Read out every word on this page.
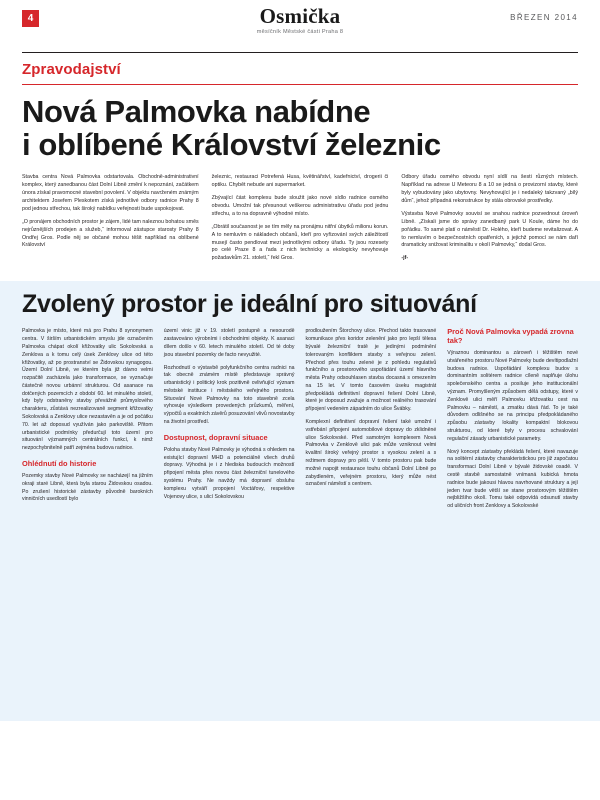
4	Osmička
měsíčník Městské části Praha 8
BŘEZEN 2014
Zpravodajství
Nová Palmovka nabídne
i oblíbené Království železnic

Stavba centra Nová Palmovka odstartovala. Obchodně-administrativní komplex, který zanedbanou část Dolní Libně změní k nepoznání, začátkem února získal pravomocné stavební povolení. V objektu navrženém známým architektem Josefem Pleskotem získá jednotlivé odbory radnice Prahy 8 pod jednou střechou, tak široký nabídku veřejnosti bude uspokojovat.

„O pronájem obchodních prostor je zájem, lidé tam naleznou bohatou směs nejrůznějších prodejen a služeb,“ informoval zástupce starosty Prahy 8 Ondřej Gros. Podle něj se občané mohou těšit například na oblíbené Království

železnic, restauraci Potrefená Husa, květinářství, kadeřnictví, drogerii či optiku. Chybět nebude ani supermarket.

Zbývající část komplexu bude sloužit jako nové sídlo radnice osmého obvodu. Umožní tak přesunout veškerou administrativu úřadu pod jednu střechu, a to na dopravně výhodné místo.

„Obrátil současnost je se tím měly na pronájmu nitřní úbytků milionu korun. A to nemluvím o nákladech občanů, kteří pro vyřizování svých záležitostí musejí často pendlovat mezi jednotlivými odbory úřadu. Ty jsou rozesety po celé Praze 8 a řada z nich technicky a ekologicky nevyhovuje požadavkům 21. století,“ řekl Gros.

Odbory úřadu osmého obvodu nyní sídlí na šesti různých místech. Například na adrese U Meteoru 8 a 10 se jedná o provizorní stavby, které byly vybudovány jako ubytovny. Nevyhovující je i nedaleký takzvaný „bílý dům“, jehož případná rekonstrukce by stála obrovské prostředky.

Výstavba Nové Palmovky souvisí se snahou radnice pozvednout úroveň Libně. „Získali jsme do správy zanedbaný park U Koule, dáme ho do pořádku. To samé platí o náměstí Dr. Holého, kteří budeme revitalizovat. A to nemluvím o bezpečnostních opatřeních, s jejichž pomocí se nám daří dramaticky snižovat kriminalitu v okolí Palmovky,“ dodal Gros.

-jf-

Zvolený prostor je ideální pro situování

Palmovka je místo, které má pro Prahu 8 synonymem centra. V širším urbanistickém smyslu jde označením Palmovka chápat okolí křižovatky ulic Sokolovská a Zenklova a k tomu celý úsek Zenklovy ulice od této křižovatky, až po prostranství se Židovskou synagogou. Území Dolní Libně, ve kterém byla již dávno velmi rozpačitě zacházela jako transformace, se vyznačuje částečně novou urbánní strukturou. Od asanace na dotčených pozemcích z období 60. let minulého století, kdy byly odstraněny stavby převážně průmyslového charakteru, zůstává nezrealizovaně segment křižovatky Sokolovská a Zenklovy ulice nezastavěn a je od počátku 70. let až doposud využíván jako parkoviště. Přitom urbanistické podmínky předurčují toto území pro situování významných centrálních funkcí, k nimž nezpochybnitelně patří zejména budova radnice.

Ohlédnutí do historie

Pozemky stavby Nové Palmovky se nacházejí na jižním okraji staré Libně, která byla starou Židovskou osadou. Po zrušení historické zástavby původně barokních vinničních usedlostí bylo

území vinic již v 19. století postupně a nesourodě zastavováno výrobními i obchodními objekty. K asanaci dílem došlo v 60. letech minulého století. Od té doby jsou stavební pozemky de facto nevyužité.

Rozhodnutí o výstavbě polyfunkčního centra radnici na tak obecně známém místě představuje správný urbanistický i politický krok pozitivně ovlivňující význam městské instituce i městského veřejného prostoru. Situování Nové Palmovky na toto stavebně zcela vyhovuje výsledkem provedených průzkumů, měření, výpočtů a exaktních závěrů posuzování vlivů novostavby na životní prostředí.

Dostupnost, dopravní situace

Poloha stavby Nové Palmovky je výhodná s ohledem na existující dopravní MHD a potenciálně všech druhů dopravy. Výhodná je i z hlediska budoucích možností připojení města přes novou část železniční tunelového systému Prahy. Ne navždy má dopravní obsluhu komplexu vytváří propojení Voctářovy, respektive Vojenovy ulice, s ulicí Sokolovskou

prodloužením Štorchovy ulice. Přechod takto trasované komunikace přes koridor zelenění jako pro lepší tělesa bývalé železniční tratě je jedinými podmínění tolerovaným konfliktem stavby s veřejnou zelení. Přechod přes touhu zelené je z pohledu regulativů funkčního a prostorového uspořádání území hlavního města Prahy odsouhlasen stavba docasná s omezením na 15 let. V tomto časovém úseku magistrát předpokládá definitivní dopravní řešení Dolní Libně, které je doposud zvažuje a možnost reálného trasování přípojení vedeném západním do ulice Švábky.

Komplexní definitivní dopravní řešení také umožní i vstřebání připojení automobilové dopravy do zklidněné ulice Sokolovské. Před samotným komplexem Nová Palmovka v Zenklově ulici pak může vzniknout velmi kvalitní široký veřejný prostor s vysokou zelení a s režimem dopravy pro pěší. V tomto prostoru pak bude možné napojit restaurace touhu občanů Dolní Libně po zabydleném, veřejném prostoru, který může nést označení náměstí s centrem.

Proč Nová Palmovka vypadá zrovna tak?

Výraznou dominantou a zároveň i těžištěm nové utvářeného prostoru Nové Palmovky bude devítipodlažní budova radnice. Uspořádání komplexu budov s dominantním solitérem radnice cíleně naplňuje úlohu společenského centra a posiluje jeho institucionální význam. Promyšleným způsobem dělá odstupy, které v Zenklově ulici měří Palmovku křižovatku cest na Palmovku – náměstí, a zmatku dává řád. To je také důvodem odlišného se na principu předpokládaného způsobu zástavby lokality kompaktní blokovou strukturou, od které byly v procesu schvalování regulační zásady urbanistické parametry.

Nový koncept zástavby překládá řešení, které navazuje na solitérní zástavby charakteristickou pro již započatou transformaci Dolní Libně v bývalé židovské osadě. V cestě stavbě samostatně vnímaná kubická hmota radnice bude jakousi hlavou navrhované struktury a její jeden tvar bude větší se stane prostorovým těžištěm nejbližšího okolí. Tomu také odpovídá odsunutí stavby od uličních front Zenklovy a Sokolovské
